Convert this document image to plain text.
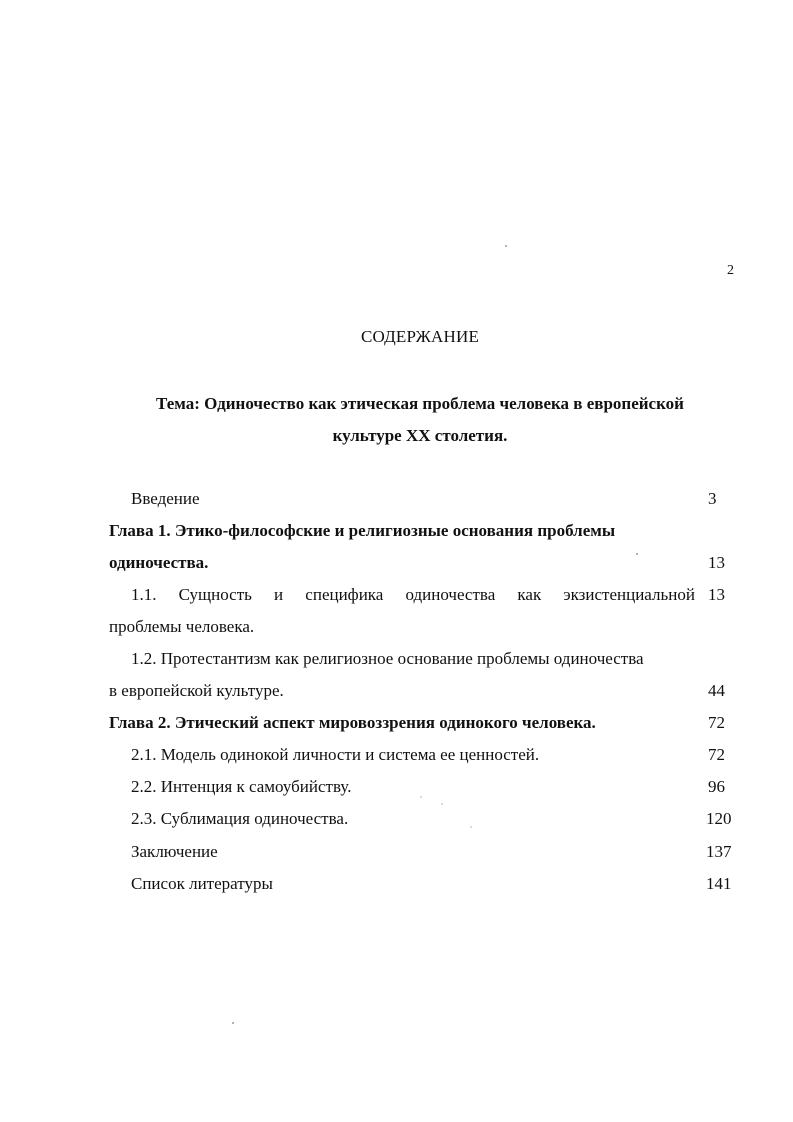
2
СОДЕРЖАНИЕ
Тема: Одиночество как этическая проблема человека в европейской
культуре XX столетия.
Введение	3
Глава 1. Этико-философские и религиозные основания проблемы
одиночества.	13
1.1. Сущность и специфика одиночества как экзистенциальной 13
проблемы человека.
1.2. Протестантизм как религиозное основание проблемы одиночества
в европейской культуре.	44
Глава 2. Этический аспект мировоззрения одинокого человека.	72
2.1. Модель одинокой личности и система ее ценностей.	72
2.2. Интенция к самоубийству.	96
2.3. Сублимация одиночества.	120
Заключение	137
Список литературы	141
